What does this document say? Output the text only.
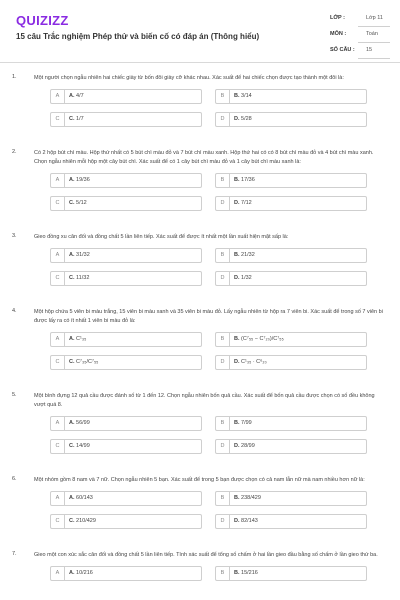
QUIZIZZ
15 câu Trắc nghiệm Phép thử và biến cố có đáp án (Thông hiểu)
LỚP :	Lớp 11
MÔN :	Toán
SỐ CÂU : 15
1.	Một người chọn ngẫu nhiên hai chiếc giày từ bốn đôi giày cỡ khác nhau. Xác suất để hai chiếc chọn được tạo thành một đôi là:
A	A. 4/7	B	B. 3/14
C	C. 1/7	D	D. 5/28
2.	Có 2 hộp bút chì màu. Hộp thứ nhất có 5 bút chì màu đỏ và 7 bút chì màu xanh. Hộp thứ hai có có 8 bút chì màu đỏ và 4 bút chì màu xanh. Chọn ngẫu nhiên mỗi hộp một cây bút chì. Xác suất để có 1 cây bút chì màu đỏ và 1 cây bút chì màu xanh là:
A	A. 19/36	B	B. 17/36
C	C. 5/12	D	D. 7/12
3.	Gieo đồng xu cân đối và đồng chất 5 lần liên tiếp. Xác suất để được ít nhất một lần xuất hiện mặt sấp là:
A	A. 31/32	B	B. 21/32
C	C. 11/32	D	D. 1/32
4.	Một hộp chứa 5 viên bi màu trắng, 15 viên bi màu xanh và 35 viên bi màu đỏ. Lấy ngẫu nhiên từ hộp ra 7 viên bi. Xác suất để trong số 7 viên bi được lấy ra có ít nhất 1 viên bi màu đỏ là:
A	A. C¹₃₅	B	B. (C⁷₅₅ − C⁷₂₀)/C⁷₅₅
C	C. C⁷₃₅/C⁷₅₅	D	D. C¹₃₅ · C⁶₂₀
5.	Một bình đựng 12 quả cầu được đánh số từ 1 đến 12. Chọn ngẫu nhiên bốn quả cầu. Xác suất để bốn quả cầu được chọn có số đều không vượt quá 8.
A	A. 56/99	B	B. 7/99
C	C. 14/99	D	D. 28/99
6.	Một nhóm gồm 8 nam và 7 nữ. Chọn ngẫu nhiên 5 bạn. Xác suất để trong 5 bạn được chọn có cả nam lẫn nữ mà nam nhiều hơn nữ là:
A	A. 60/143	B	B. 238/429
C	C. 210/429	D	D. 82/143
7.	Gieo một con xúc sắc cân đối và đồng chất 5 lần liên tiếp. Tính xác suất để tổng số chấm ở hai lần gieo đầu bằng số chấm ở lần gieo thứ ba.
A	A. 10/216	B	B. 15/216
